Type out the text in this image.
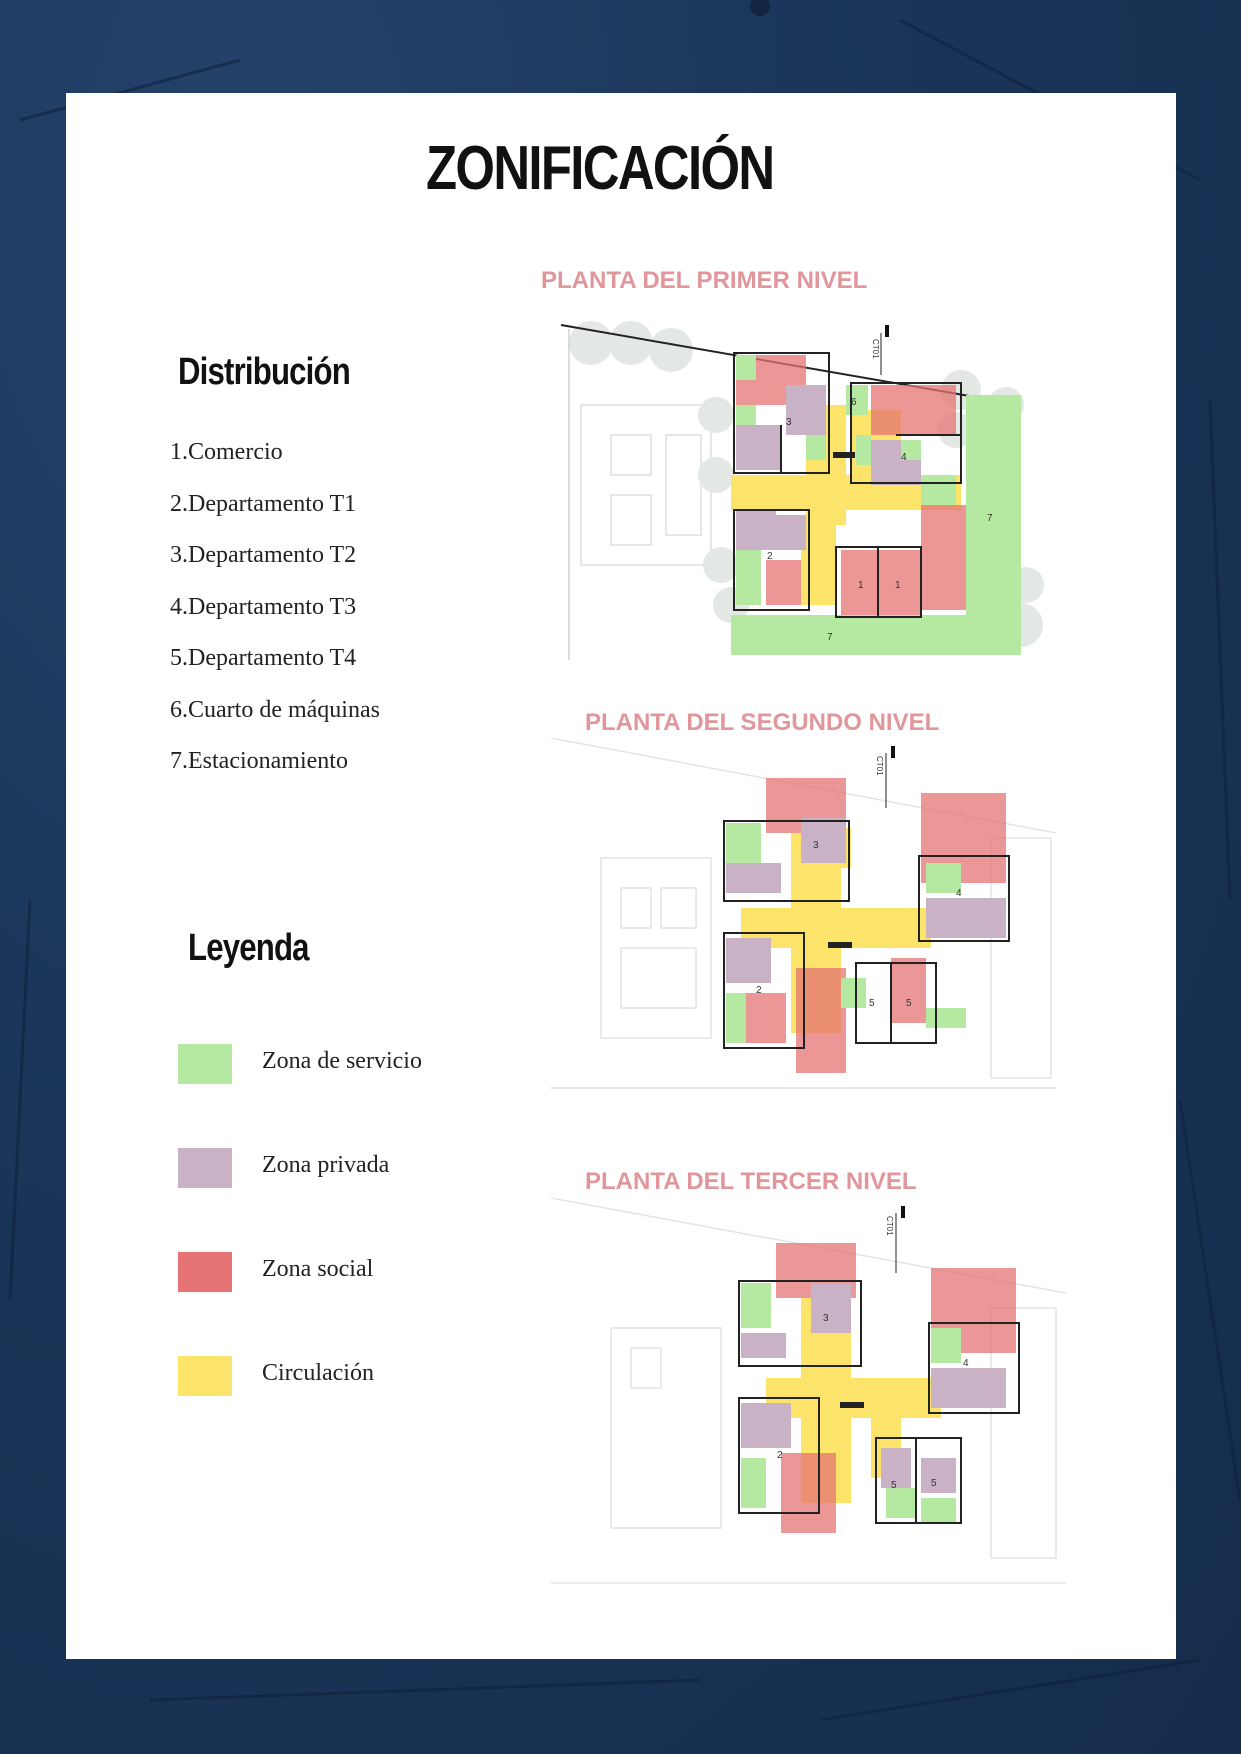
ZONIFICACIÓN
Distribución
1.Comercio
2.Departamento T1
3.Departamento T2
4.Departamento T3
5.Departamento T4
6.Cuarto de máquinas
7.Estacionamiento
Leyenda
Zona de servicio
Zona privada
Zona social
Circulación
PLANTA DEL PRIMER NIVEL
CT01
1	1
2
3
4
6
7
7
PLANTA DEL SEGUNDO NIVEL
CT01
2
3
4
5	5
PLANTA DEL TERCER NIVEL
CT01
2
3
4
5	5
